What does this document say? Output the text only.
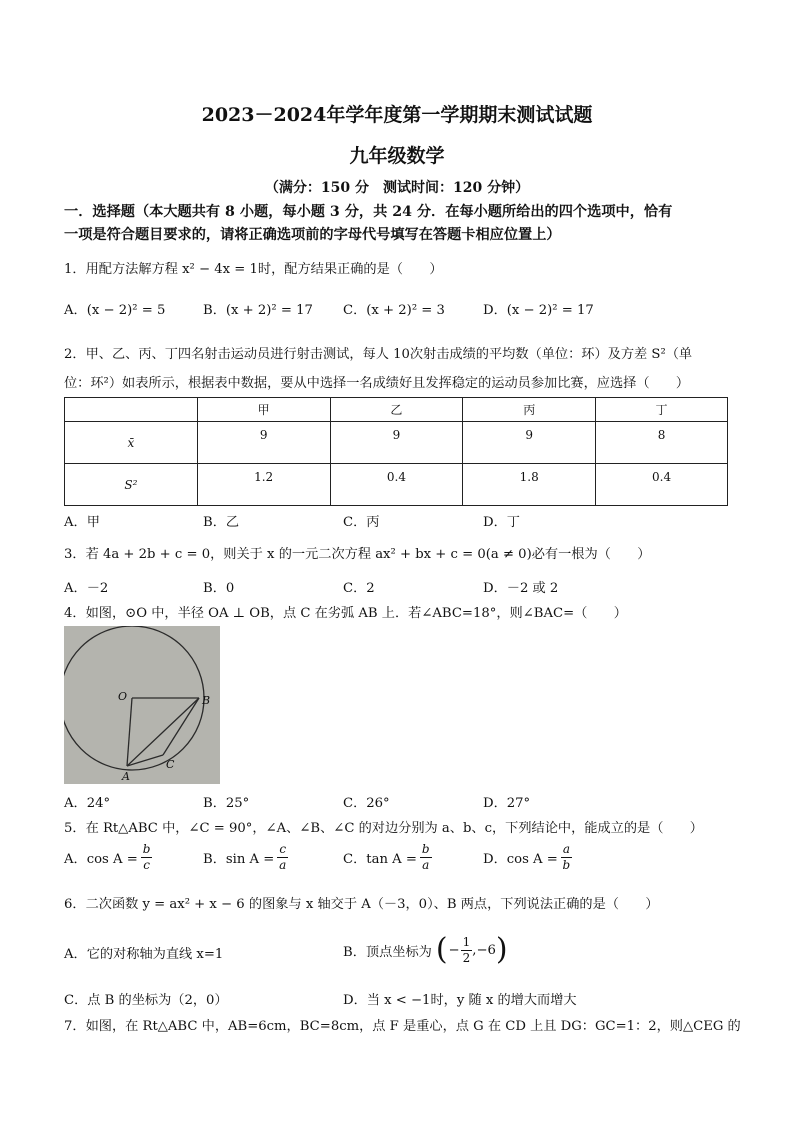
2023－2024年学年度第一学期期末测试试题
九年级数学
（满分：150 分　测试时间：120 分钟）
一．选择题（本大题共有 8 小题，每小题 3 分，共 24 分．在每小题所给出的四个选项中，恰有
一项是符合题目要求的，请将正确选项前的字母代号填写在答题卡相应位置上）
1．用配方法解方程 x² − 4x = 1时，配方结果正确的是（　　）
A．(x − 2)² = 5	B．(x + 2)² = 17 C．(x + 2)² = 3	D．(x − 2)² = 17
2．甲、乙、丙、丁四名射击运动员进行射击测试，每人 10次射击成绩的平均数（单位：环）及方差 S²（单
位：环²）如表所示，根据表中数据，要从中选择一名成绩好且发挥稳定的运动员参加比赛，应选择（　　）
	甲	乙	丙	丁
x̄	9	9	9	8
S²	1.2	0.4	1.8	0.4
A．甲	B．乙	C．丙	D．丁
3．若 4a + 2b + c = 0，则关于 x 的一元二次方程 ax² + bx + c = 0(a ≠ 0)必有一根为（　　）
A．－2	B．0	C．2	D．－2 或 2
4．如图，⊙O 中，半径 OA ⊥ OB，点 C 在劣弧 AB 上．若∠ABC=18°，则∠BAC=（　　）
O	B
A
C
A．24°	B．25°	C．26°	D．27°
5．在 Rt△ABC 中，∠C = 90°，∠A、∠B、∠C 的对边分别为 a、b、c，下列结论中，能成立的是（　　）
A．$\cos A = \frac{b}{c}$	B．$\sin A = \frac{c}{a}$	C．$\tan A = \frac{b}{a}$	D．$\cos A = \frac{a}{b}$
6．二次函数 y = ax² + x − 6 的图象与 x 轴交于 A（－3，0）、B 两点，下列说法正确的是（　　）
A．它的对称轴为直线 x=1	B．顶点坐标为 ( − $\frac{1}{2} ,-6$ )
C．点 B 的坐标为（2，0）	D．当 x < −1时，y 随 x 的增大而增大
7．如图，在 Rt△ABC 中，AB=6cm，BC=8cm，点 F 是重心，点 G 在 CD 上且 DG：GC=1：2，则△CEG 的
